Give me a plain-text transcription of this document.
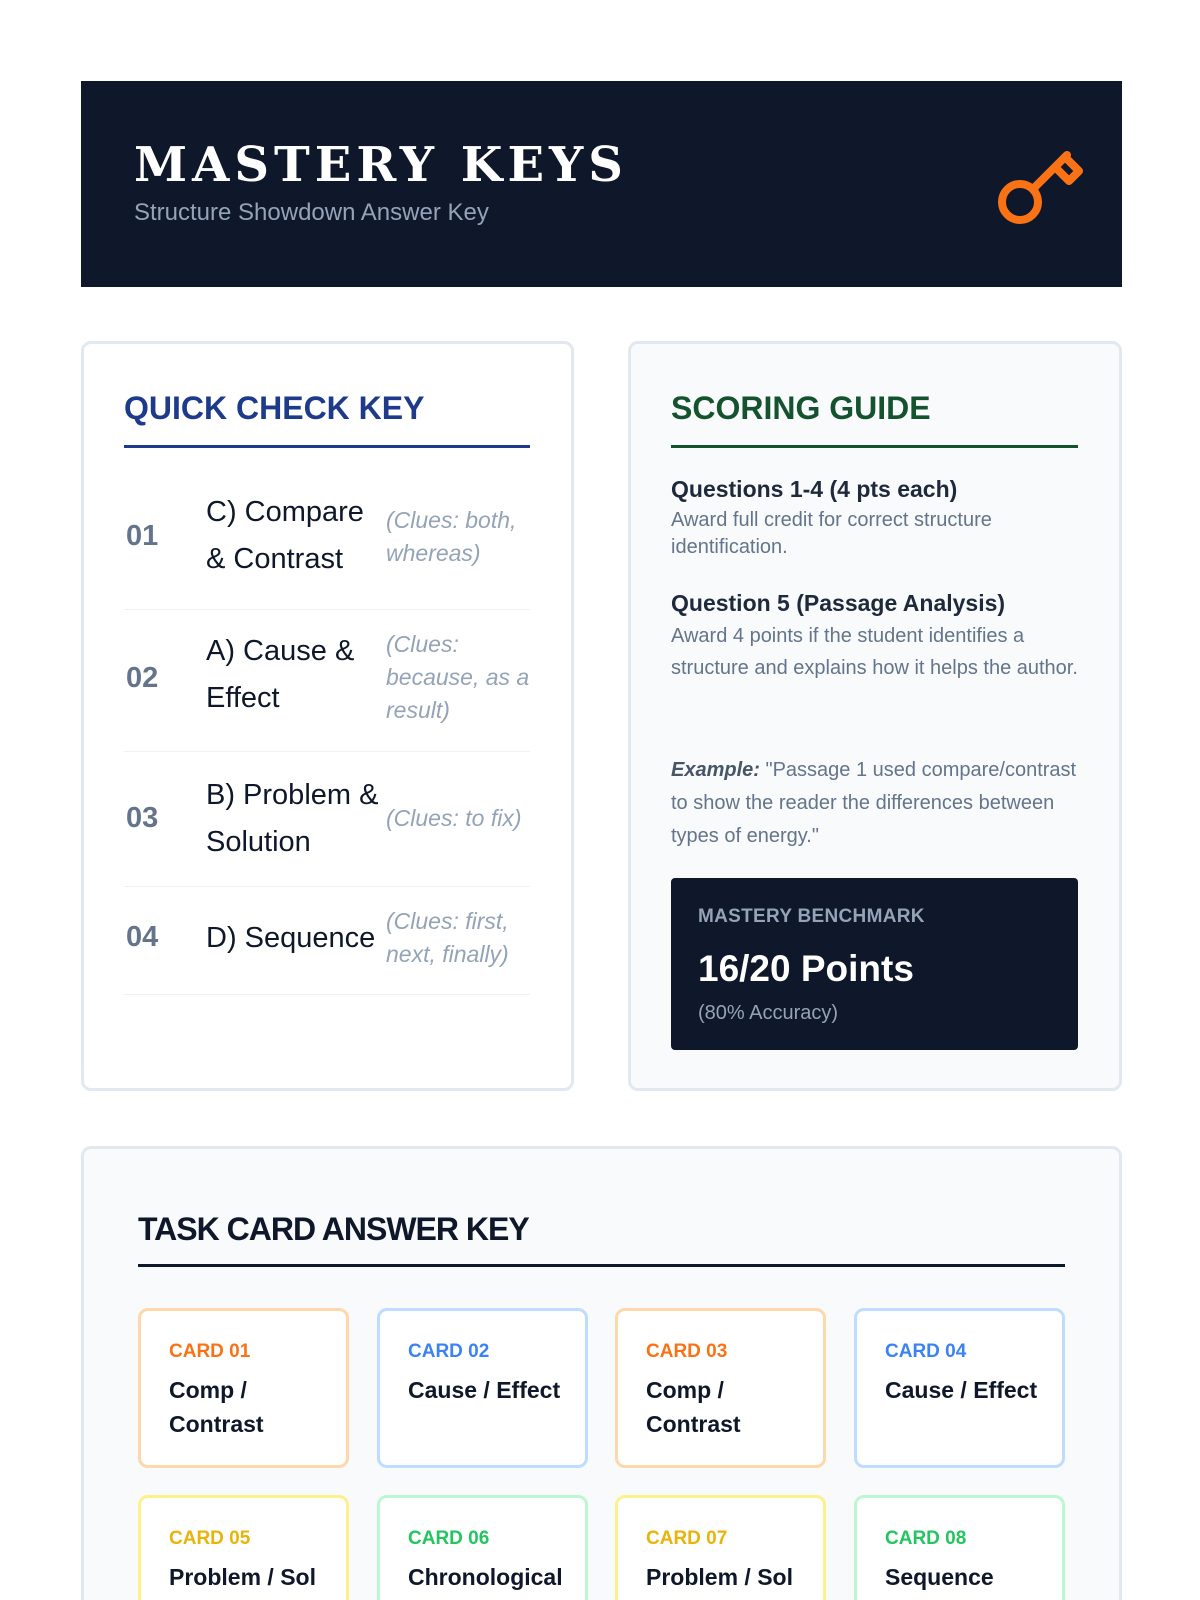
MASTERY KEYS
Structure Showdown Answer Key
QUICK CHECK KEY
01
C) Compare & Contrast
(Clues: both, whereas)
02
A) Cause & Effect
(Clues: because, as a result)
03
B) Problem & Solution
(Clues: to fix)
04 D) Sequence
(Clues: first, next, finally)
SCORING GUIDE
Questions 1-4 (4 pts each)
Award full credit for correct structure identification.
Question 5 (Passage Analysis)
Award 4 points if the student identifies a structure and explains how it helps the author.
Example: "Passage 1 used compare/contrast to show the reader the differences between types of energy."
MASTERY BENCHMARK
16/20 Points
(80% Accuracy)
TASK CARD ANSWER KEY
CARD 01
Comp / Contrast
CARD 02
Cause / Effect
CARD 03
Comp / Contrast
CARD 04
Cause / Effect
CARD 05
Problem / Sol
CARD 06
Chronological
CARD 07
Problem / Sol
CARD 08
Sequence
